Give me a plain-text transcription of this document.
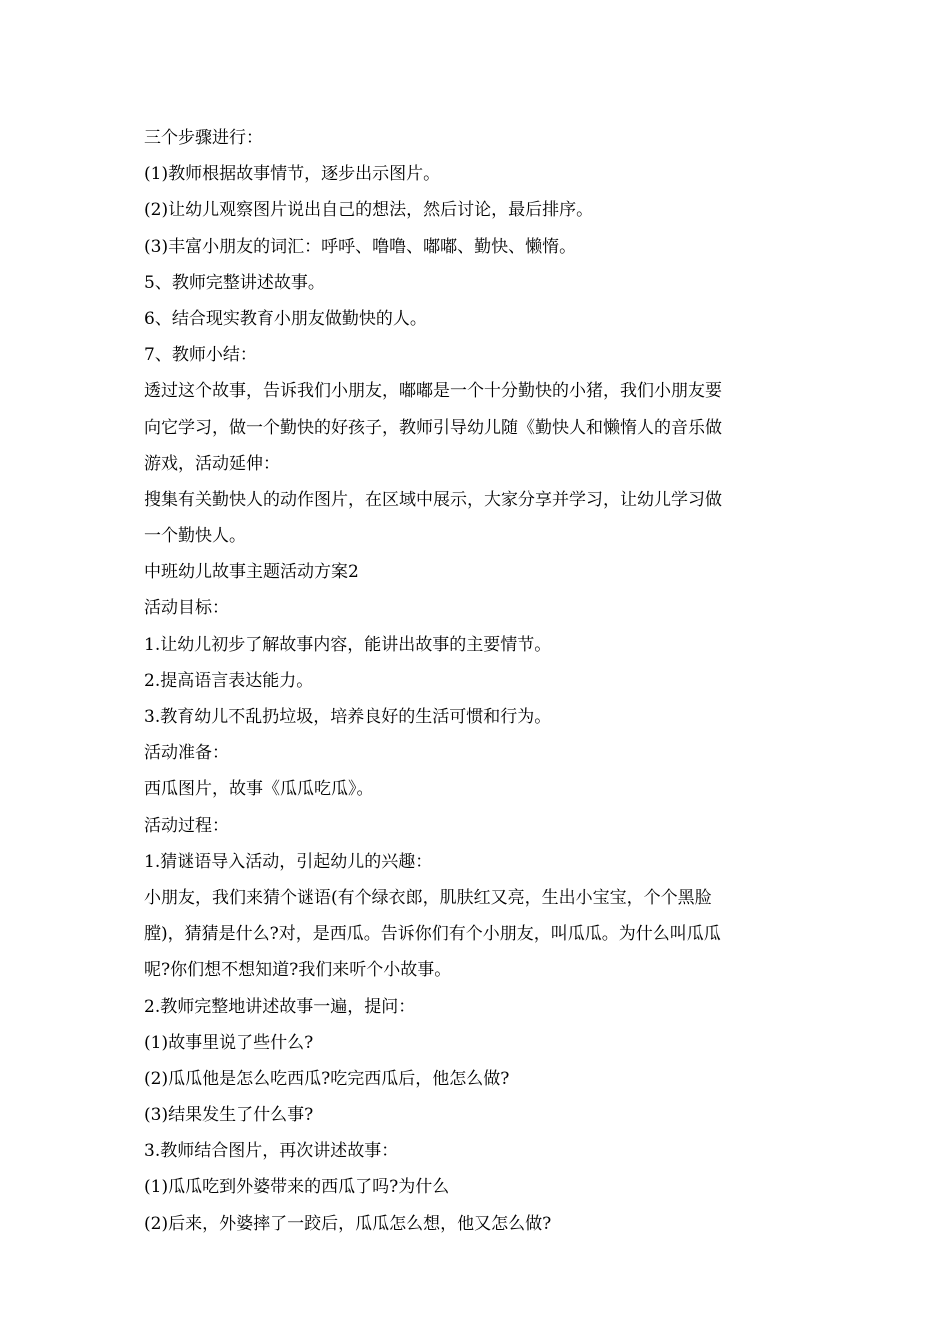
三个步骤进行：
(1)教师根据故事情节，逐步出示图片。
(2)让幼儿观察图片说出自己的想法，然后讨论，最后排序。
(3)丰富小朋友的词汇：呼呼、噜噜、嘟嘟、勤快、懒惰。
5、教师完整讲述故事。
6、结合现实教育小朋友做勤快的人。
7、教师小结：
透过这个故事，告诉我们小朋友，嘟嘟是一个十分勤快的小猪，我们小朋友要
向它学习，做一个勤快的好孩子，教师引导幼儿随《勤快人和懒惰人的音乐做
游戏，活动延伸：
搜集有关勤快人的动作图片，在区域中展示，大家分享并学习，让幼儿学习做
一个勤快人。
中班幼儿故事主题活动方案2
活动目标：
1.让幼儿初步了解故事内容，能讲出故事的主要情节。
2.提高语言表达能力。
3.教育幼儿不乱扔垃圾，培养良好的生活可惯和行为。
活动准备：
西瓜图片，故事《瓜瓜吃瓜》。
活动过程：
1.猜谜语导入活动，引起幼儿的兴趣：
小朋友，我们来猜个谜语(有个绿衣郎，肌肤红又亮，生出小宝宝，个个黑脸
膛)，猜猜是什么?对，是西瓜。告诉你们有个小朋友，叫瓜瓜。为什么叫瓜瓜
呢?你们想不想知道?我们来听个小故事。
2.教师完整地讲述故事一遍，提问：
(1)故事里说了些什么?
(2)瓜瓜他是怎么吃西瓜?吃完西瓜后，他怎么做?
(3)结果发生了什么事?
3.教师结合图片，再次讲述故事：
(1)瓜瓜吃到外婆带来的西瓜了吗?为什么
(2)后来，外婆摔了一跤后，瓜瓜怎么想，他又怎么做?
